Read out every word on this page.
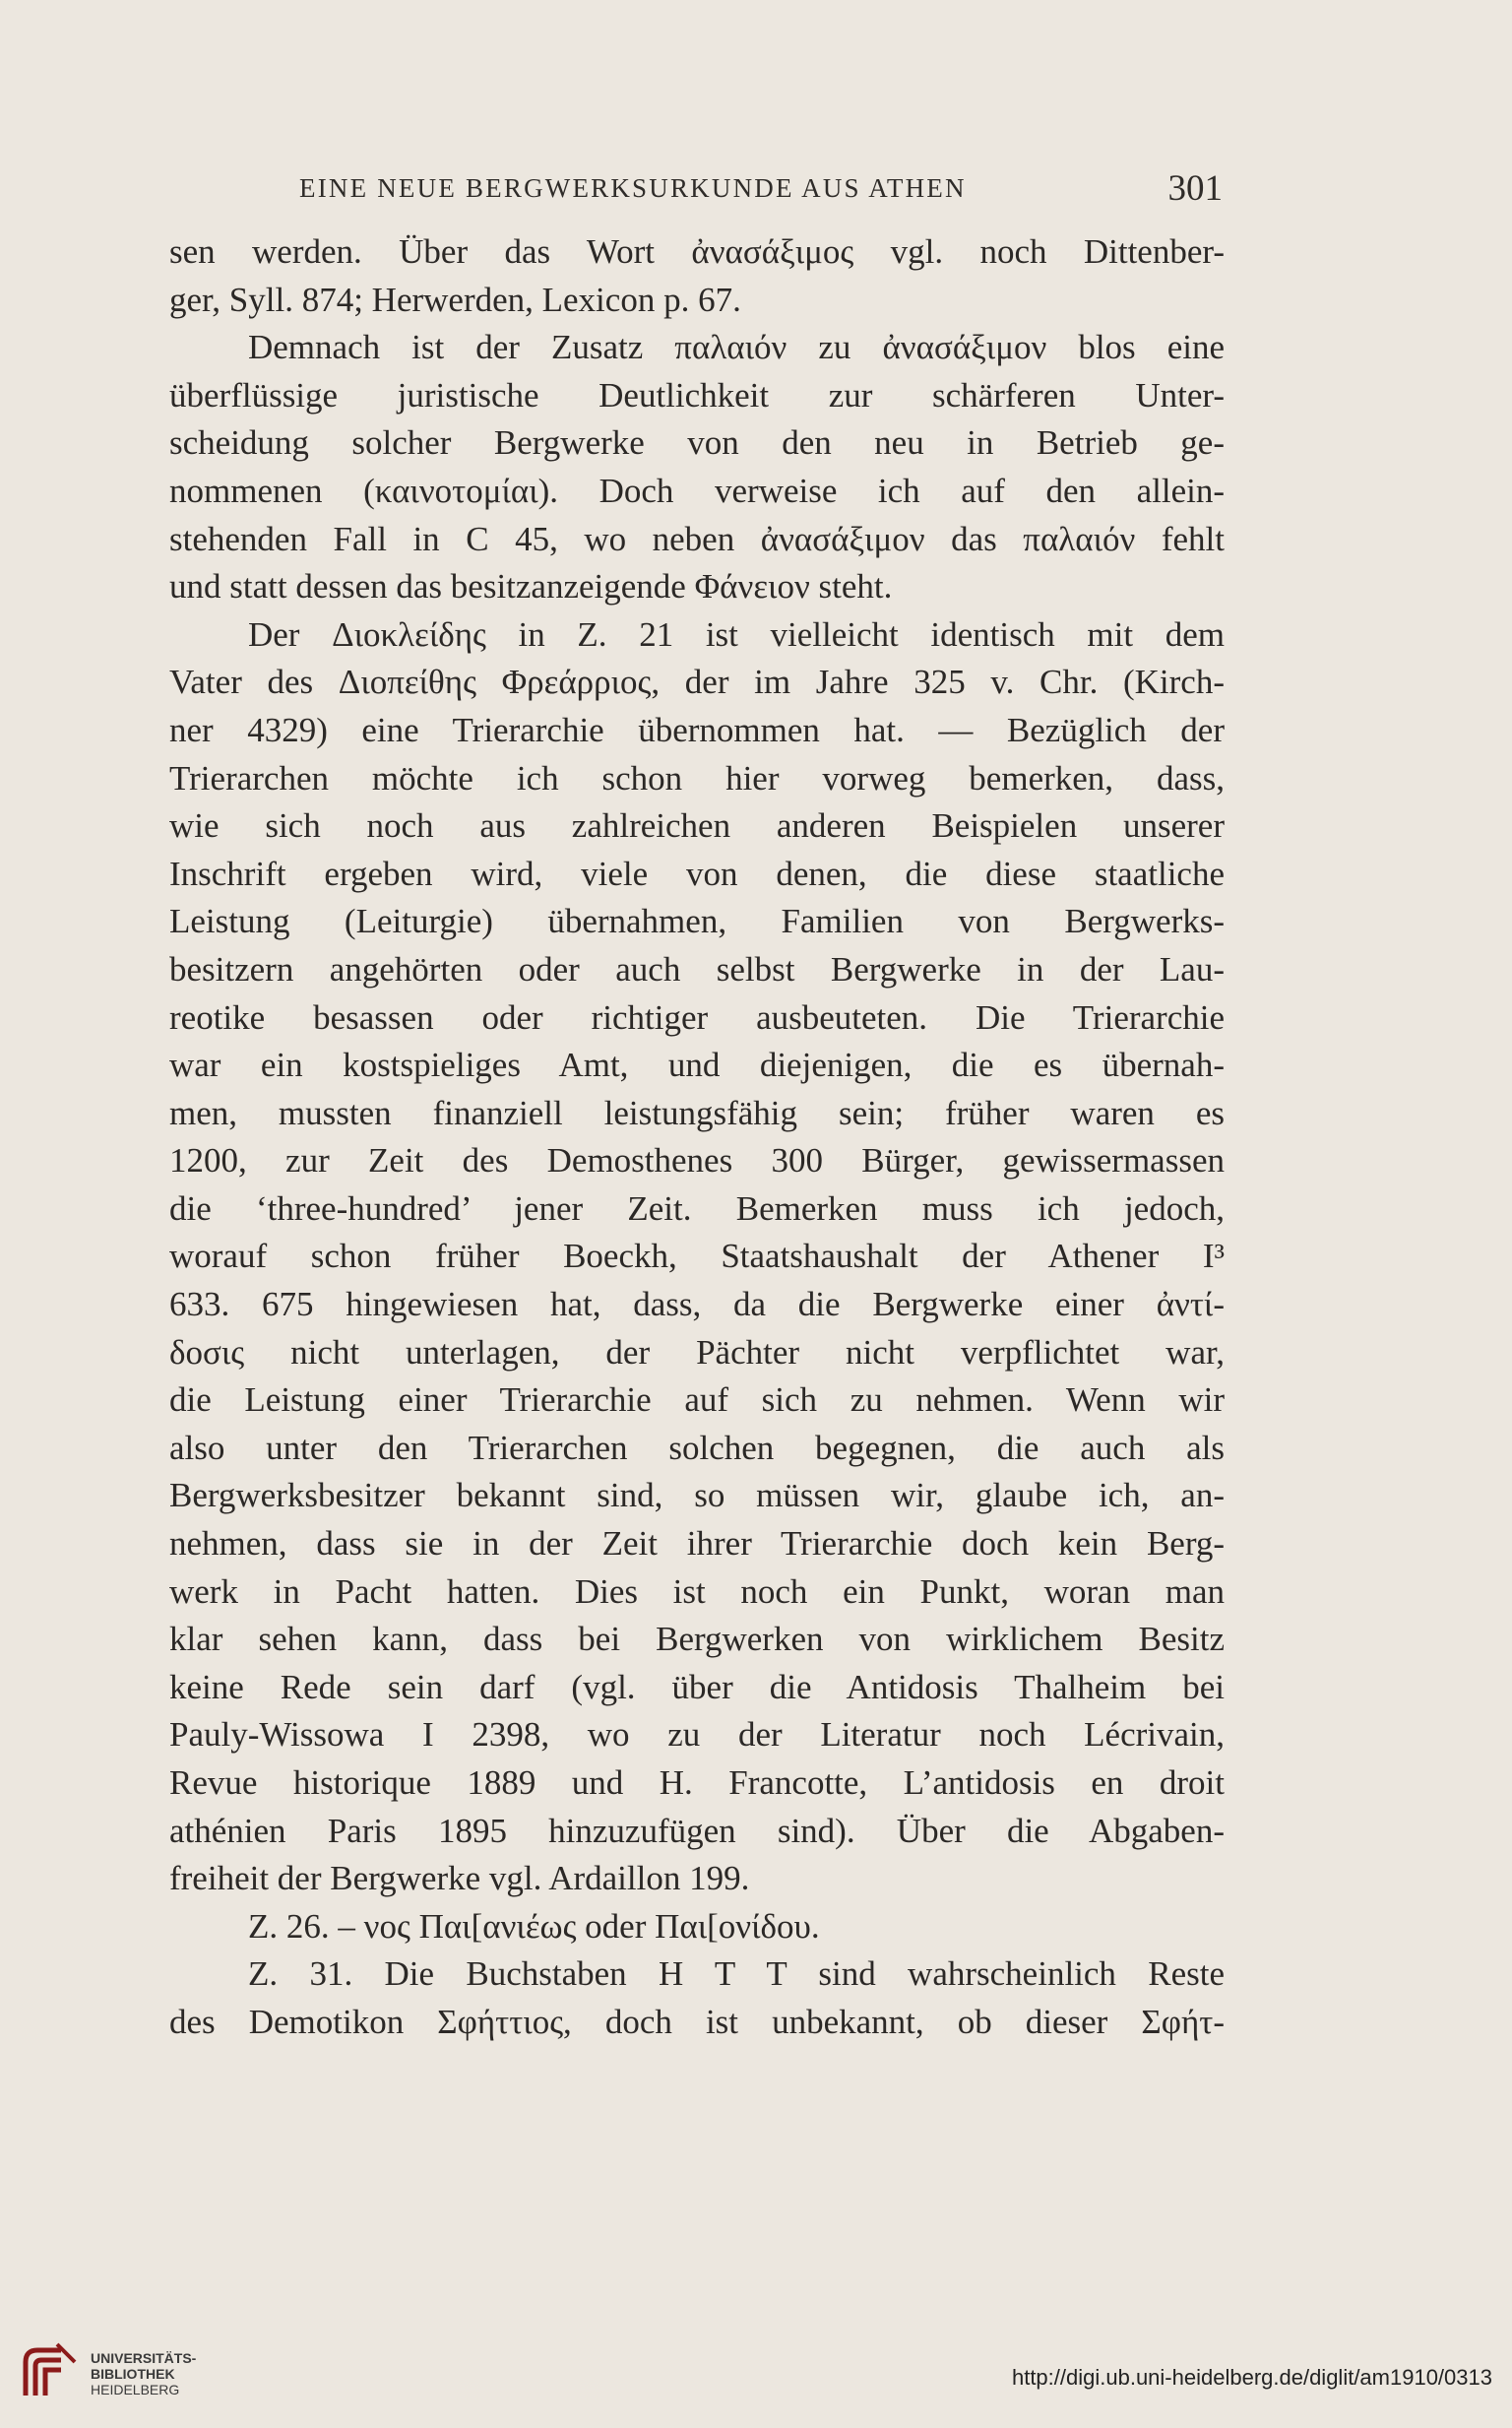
EINE NEUE BERGWERKSURKUNDE AUS ATHEN	301
sen werden. Über das Wort ἀνασάξιμος vgl. noch Dittenber-
ger, Syll. 874; Herwerden, Lexicon p. 67.
Demnach ist der Zusatz παλαιόν zu ἀνασάξιμον blos eine
überflüssige juristische Deutlichkeit zur schärferen Unter-
scheidung solcher Bergwerke von den neu in Betrieb ge-
nommenen (καινοτομίαι). Doch verweise ich auf den allein-
stehenden Fall in C 45, wo neben ἀνασάξιμον das παλαιόν fehlt
und statt dessen das besitzanzeigende Φάνειον steht.
Der Διοκλείδης in Z. 21 ist vielleicht identisch mit dem
Vater des Διοπείθης Φρεάρριος, der im Jahre 325 v. Chr. (Kirch-
ner 4329) eine Trierarchie übernommen hat. — Bezüglich der
Trierarchen möchte ich schon hier vorweg bemerken, dass,
wie sich noch aus zahlreichen anderen Beispielen unserer
Inschrift ergeben wird, viele von denen, die diese staatliche
Leistung (Leiturgie) übernahmen, Familien von Bergwerks-
besitzern angehörten oder auch selbst Bergwerke in der Lau-
reotike besassen oder richtiger ausbeuteten. Die Trierarchie
war ein kostspieliges Amt, und diejenigen, die es übernah-
men, mussten finanziell leistungsfähig sein; früher waren es
1200, zur Zeit des Demosthenes 300 Bürger, gewissermassen
die ‘three-hundred’ jener Zeit. Bemerken muss ich jedoch,
worauf schon früher Boeckh, Staatshaushalt der Athener I³
633. 675 hingewiesen hat, dass, da die Bergwerke einer ἀντί-
δοσις nicht unterlagen, der Pächter nicht verpflichtet war,
die Leistung einer Trierarchie auf sich zu nehmen. Wenn wir
also unter den Trierarchen solchen begegnen, die auch als
Bergwerksbesitzer bekannt sind, so müssen wir, glaube ich, an-
nehmen, dass sie in der Zeit ihrer Trierarchie doch kein Berg-
werk in Pacht hatten. Dies ist noch ein Punkt, woran man
klar sehen kann, dass bei Bergwerken von wirklichem Besitz
keine Rede sein darf (vgl. über die Antidosis Thalheim bei
Pauly-Wissowa I 2398, wo zu der Literatur noch Lécrivain,
Revue historique 1889 und H. Francotte, L’antidosis en droit
athénien Paris 1895 hinzuzufügen sind). Über die Abgaben-
freiheit der Bergwerke vgl. Ardaillon 199.
Z. 26. – νος Παι[ανιέως oder Παι[ονίδου.
Z. 31. Die Buchstaben Η Τ Τ sind wahrscheinlich Reste
des Demotikon Σφήττιος, doch ist unbekannt, ob dieser Σφήτ-
UNIVERSITÄTS-
BIBLIOTHEK
HEIDELBERG	http://digi.ub.uni-heidelberg.de/diglit/am1910/0313
